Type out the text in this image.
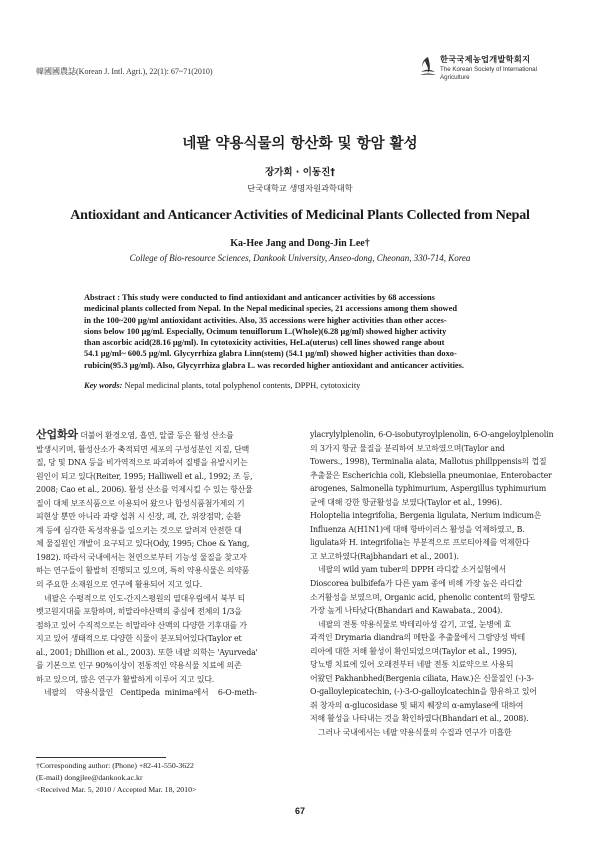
韓國國農誌(Korean J. Intl. Agri.), 22(1): 67~71(2010)
한국국제농업개발학회지
The Korean Society of International
Agriculture
네팔 약용식물의 항산화 및 항암 활성
장가희 · 이동진†
단국대학교 생명자원과학대학
Antioxidant and Anticancer Activities of Medicinal Plants Collected from Nepal
Ka-Hee Jang and Dong-Jin Lee†
College of Bio-resource Sciences, Dankook University, Anseo-dong, Cheonan, 330-714, Korea
Abstract : This study were conducted to find antioxidant and anticancer activities by 68 accessions
medicinal plants collected from Nepal. In the Nepal medicinal species, 21 accessions among them showed
in the 100~200 μg/ml antioxidant activities. Also, 35 accessions were higher activities than other acces-
sions below 100 μg/ml. Especially, Ocimum tenuiflorum L.(Whole)(6.28 μg/ml) showed higher activity
than ascorbic acid(28.16 μg/ml). In cytotoxicity activities, HeLa(uterus) cell lines showed range about
54.1 μg/ml~ 600.5 μg/ml. Glycyrrhiza glabra Linn(stem) (54.1 μg/ml) showed higher activities than doxo-
rubicin(95.3 μg/ml). Also, Glycyrrhiza glabra L. was recorded higher antioxidant and anticancer activities.
Key words: Nepal medicinal plants, total polyphenol contents, DPPH, cytotoxicity
산업화와 더불어 환경오염, 흡연, 알콜 등은 활성 산소를
발생시키며, 활성산소가 축적되면 세포의 구성성분인 지질, 단백
질, 당 및 DNA 등을 비가역적으로 파괴하여 질병을 유발시키는
원인이 되고 있다(Reiter, 1995; Halliwell et al., 1992; 조 등,
2008; Cao et al., 2006). 활성 산소를 억제시킬 수 있는 항산물
질이 대체 보조식품으로 이용되어 왔으나 합성식품첨가제의 기
피현상 뿐만 아니라 과량 섭취 시 신장, 폐, 간, 위장점막, 순환
계 등에 심각한 독성작용을 일으키는 것으로 알려져 안전한 대
체 물질원인 개발이 요구되고 있다(Ody, 1995; Choe & Yang,
1982). 따라서 국내에서는 천연으로부터 기능성 물질을 찾고자
하는 연구들이 활발히 진행되고 있으며, 특히 약용식물은 의약품
의 주요한 소재원으로 연구에 활용되어 지고 있다.
네팔은 수평적으로 인도-간지스평원의 열대우림에서 북부 티
벳고원지대를 포함하며, 히말라야산맥의 중심에 전체의 1/3을
점하고 있어 수직적으로는 히말라야 산맥의 다양한 기후대를 가
지고 있어 생태적으로 다양한 식물이 분포되어있다(Taylor et
al., 2001; Dhillion et al., 2003). 또한 네팔 의학는 'Ayurveda'
를 기본으로 인구 90%이상이 전통적인 약용식물 치료에 의존
하고 있으며, 많은 연구가 활발하게 이루어 지고 있다.
네팔의    약용식물인   Centipeda  minima에서    6-O-meth-
ylacrylylplenolin, 6-O-isobutyroylplenolin, 6-O-angeloylplenolin
의 3가지 항균 물질을 분리하여 보고하였으며(Taylor and
Towers., 1998), Terminalia alata, Mallotus phillppensis의 껍질
추출물은 Escherichia coli, Klebsiella pneumoniae, Enterobacter
arogenes, Salmonella typhimurium, Aspergillus typhimurium
균에 대해 강한 항균활성을 보였다(Taylor et al., 1996).
Holoptelia integrifolia, Bergenia ligulata, Nerium indicum은
Influenza A(H1N1)에 대해 항바이러스 활성을 억제하였고, B.
ligulata와 H. integrifolia는 부분적으로 프로티아제를 억제한다
고 보고하였다(Rajbhandari et al., 2001).
네팔의 wild yam tuber의 DPPH 라디칼 소거실험에서
Dioscorea bulbifefa가 다른 yam 종에 비해 가장 높은 라디칼
소거활성을 보였으며, Organic acid, phenolic content의 함량도
가장 높게 나타났다(Bhandari and Kawabata., 2004).
네팔의 전통 약용식물로 박테리아성 감기, 고열, 눈병에 효
과적인 Drymaria diandra의 메탄올 추출물에서 그람양성 박테
리아에 대한 저해 활성이 확인되었으며(Taylor et al., 1995),
당뇨병 치료에 있어 오래전부터 네팔 전통 치료약으로 사용되
어왔던 Pakhanbhed(Bergenia ciliata, Haw.)은 신물질인 (-)-3-
O-galloylepicatechin, (-)-3-O-galloylcatechin을 함유하고 있어
쥐 창자의 α-glucosidase 및 돼지 췌장의 α-amylase에 대하여
저해 활성을 나타내는 것을 확인하였다(Bhandari et al., 2008).
그러나 국내에서는 네팔 약용식물의 수집과 연구가 미흡한
†Corresponding author: (Phone) +82-41-550-3622
(E-mail) dongjlee@dankook.ac.kr
<Received Mar. 5, 2010 / Accepted Mar. 18, 2010>
67
